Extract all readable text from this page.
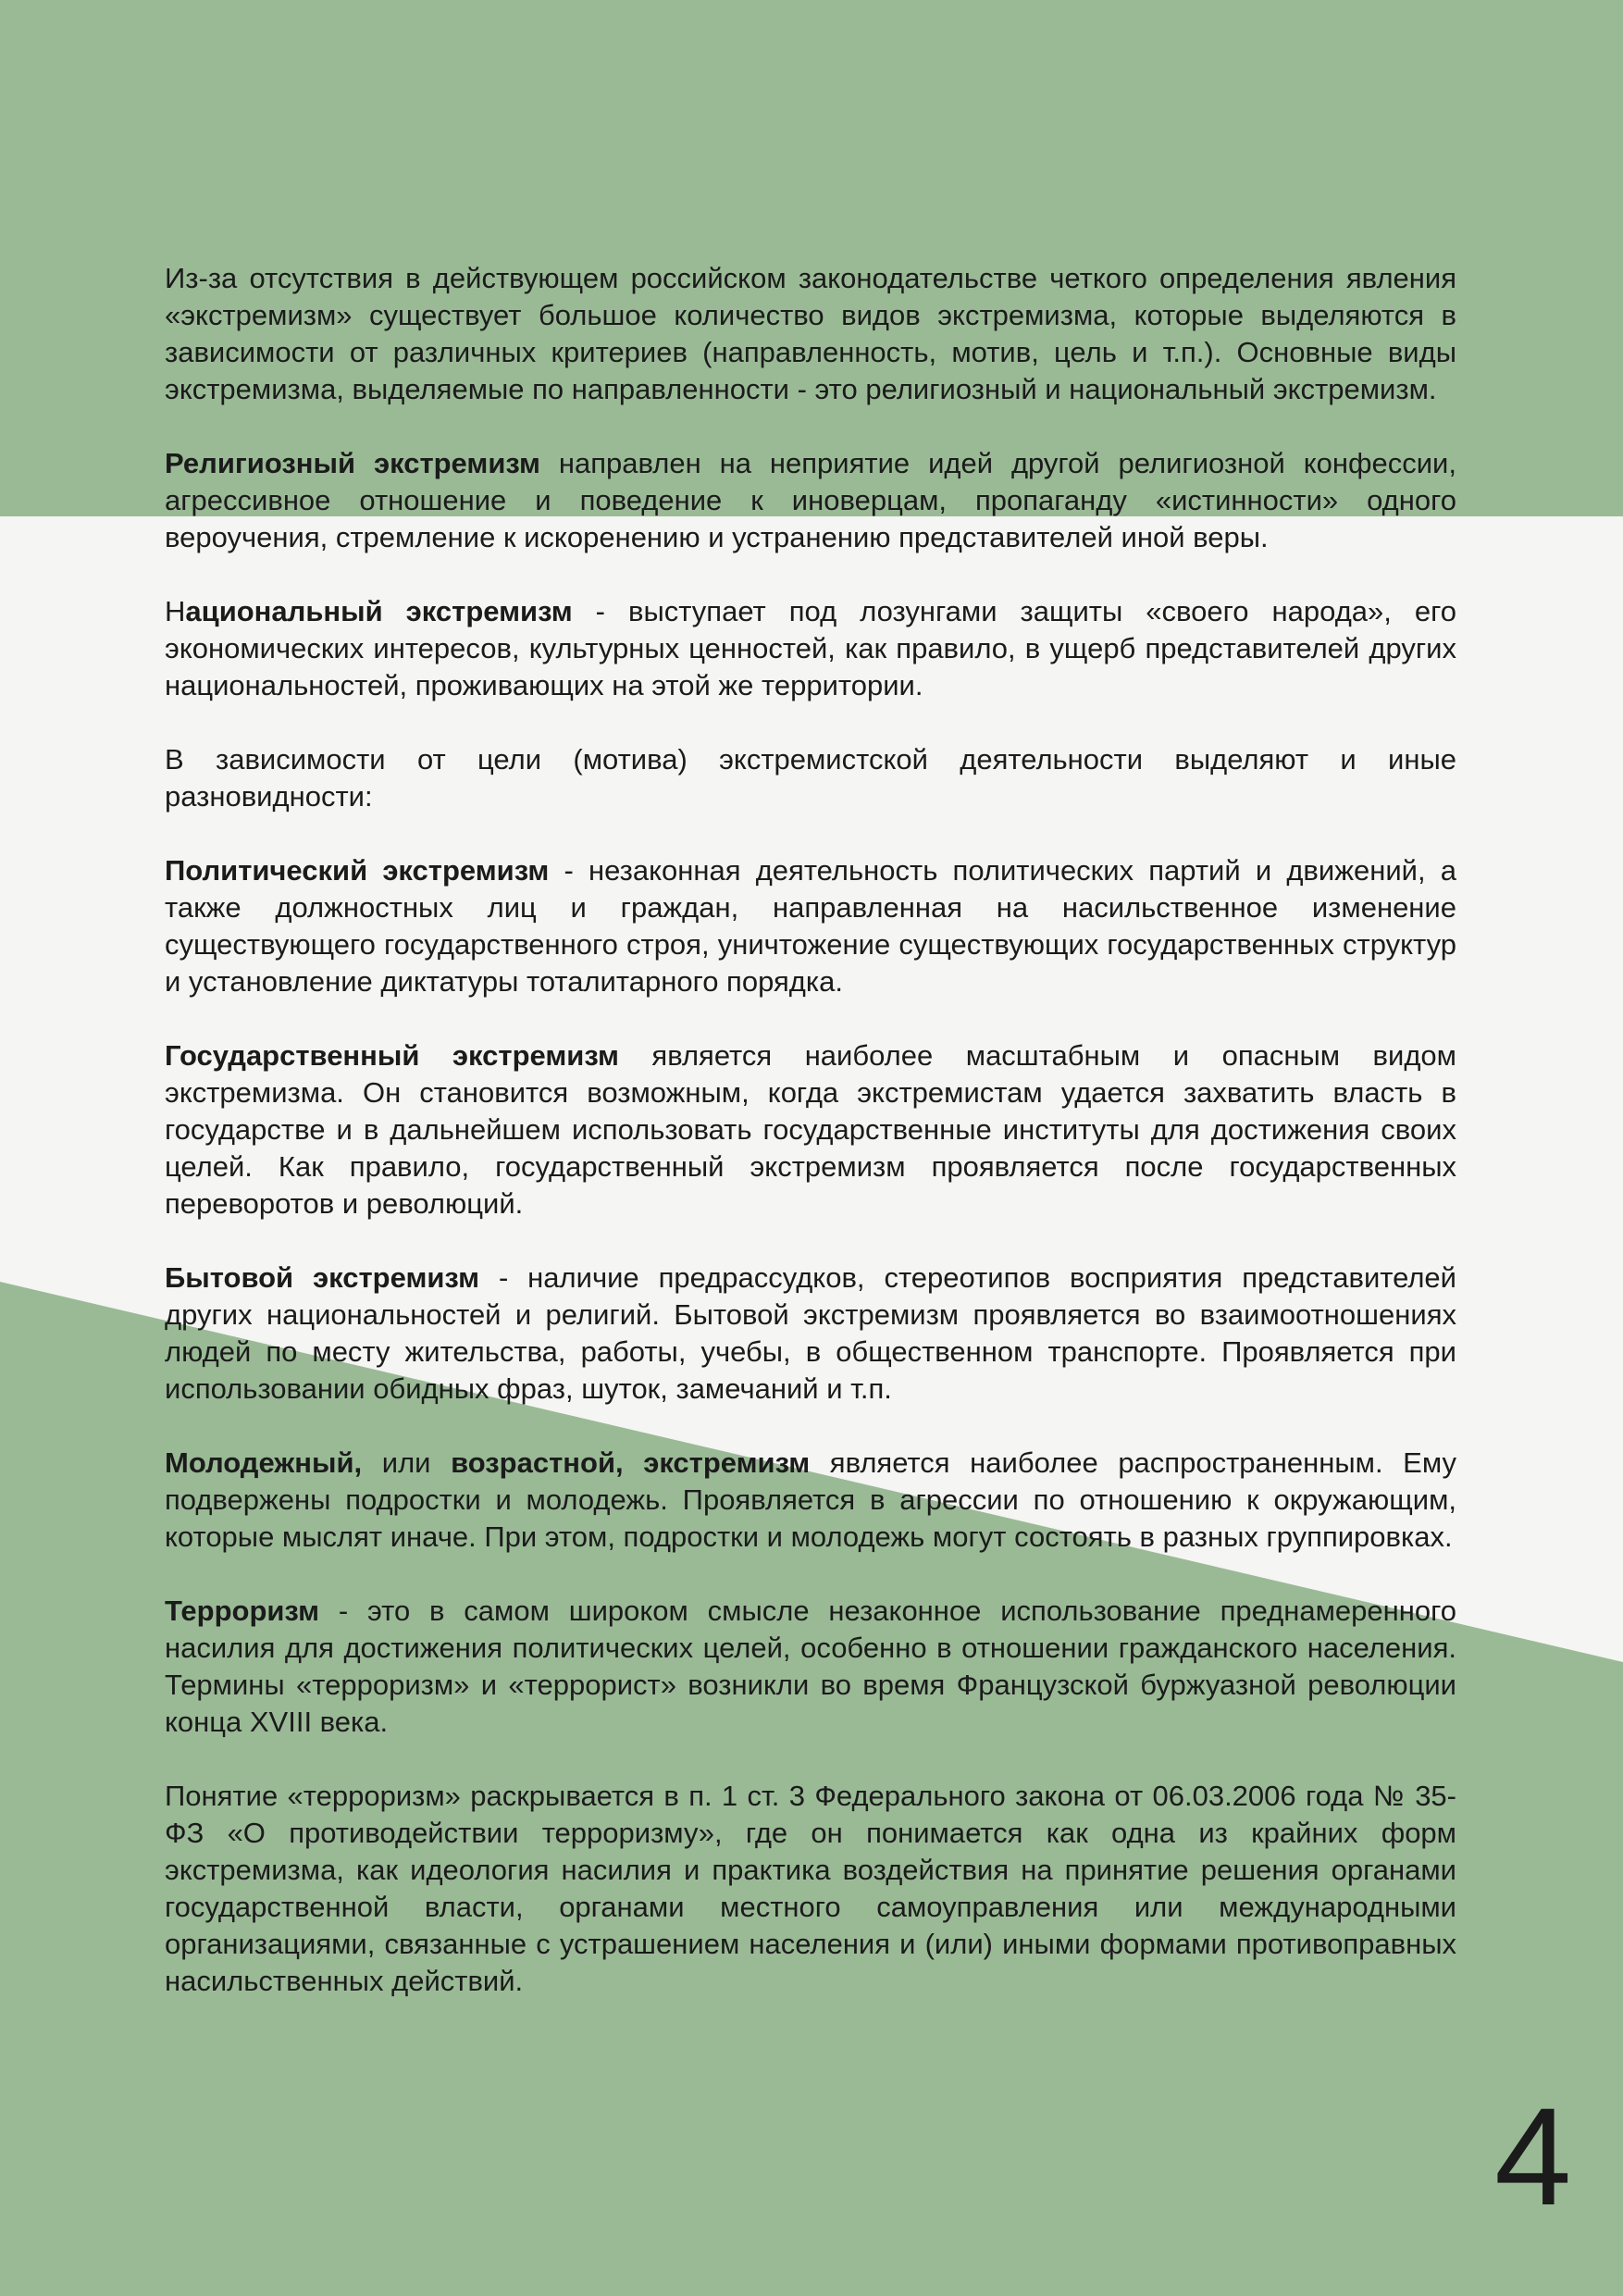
Из-за отсутствия в действующем российском законодательстве четкого определения явления «экстремизм» существует большое количество видов экстремизма, которые выделяются в зависимости от различных критериев (направленность, мотив, цель и т.п.). Основные виды экстремизма, выделяемые по направленности - это религиозный и национальный экстремизм.

Религиозный экстремизм направлен на неприятие идей другой религиозной конфессии, агрессивное отношение и поведение к иноверцам, пропаганду «истинности» одного вероучения, стремление к искоренению и устранению представителей иной веры.

Национальный экстремизм - выступает под лозунгами защиты «своего народа», его экономических интересов, культурных ценностей, как правило, в ущерб представителей других национальностей, проживающих на этой же территории.

В зависимости от цели (мотива) экстремистской деятельности выделяют и иные разновидности:

Политический экстремизм - незаконная деятельность политических партий и движений, а также должностных лиц и граждан, направленная на насильственное изменение существующего государственного строя, уничтожение существующих государственных структур и установление диктатуры тоталитарного порядка.

Государственный экстремизм является наиболее масштабным и опасным видом экстремизма. Он становится возможным, когда экстремистам удается захватить власть в государстве и в дальнейшем использовать государственные институты для достижения своих целей. Как правило, государственный экстремизм проявляется после государственных переворотов и революций.

Бытовой экстремизм - наличие предрассудков, стереотипов восприятия представителей других национальностей и религий. Бытовой экстремизм проявляется во взаимоотношениях людей по месту жительства, работы, учебы, в общественном транспорте. Проявляется при использовании обидных фраз, шуток, замечаний и т.п.

Молодежный, или возрастной, экстремизм является наиболее распространенным. Ему подвержены подростки и молодежь. Проявляется в агрессии по отношению к окружающим, которые мыслят иначе. При этом, подростки и молодежь могут состоять в разных группировках.

Терроризм - это в самом широком смысле незаконное использование преднамеренного насилия для достижения политических целей, особенно в отношении гражданского населения. Термины «терроризм» и «террорист» возникли во время Французской буржуазной революции конца XVIII века.

Понятие «терроризм» раскрывается в п. 1 ст. 3 Федерального закона от 06.03.2006 года № 35-ФЗ «О противодействии терроризму», где он понимается как одна из крайних форм экстремизма, как идеология насилия и практика воздействия на принятие решения органами государственной власти, органами местного самоуправления или международными организациями, связанные с устрашением населения и (или) иными формами противоправных насильственных действий.

4
